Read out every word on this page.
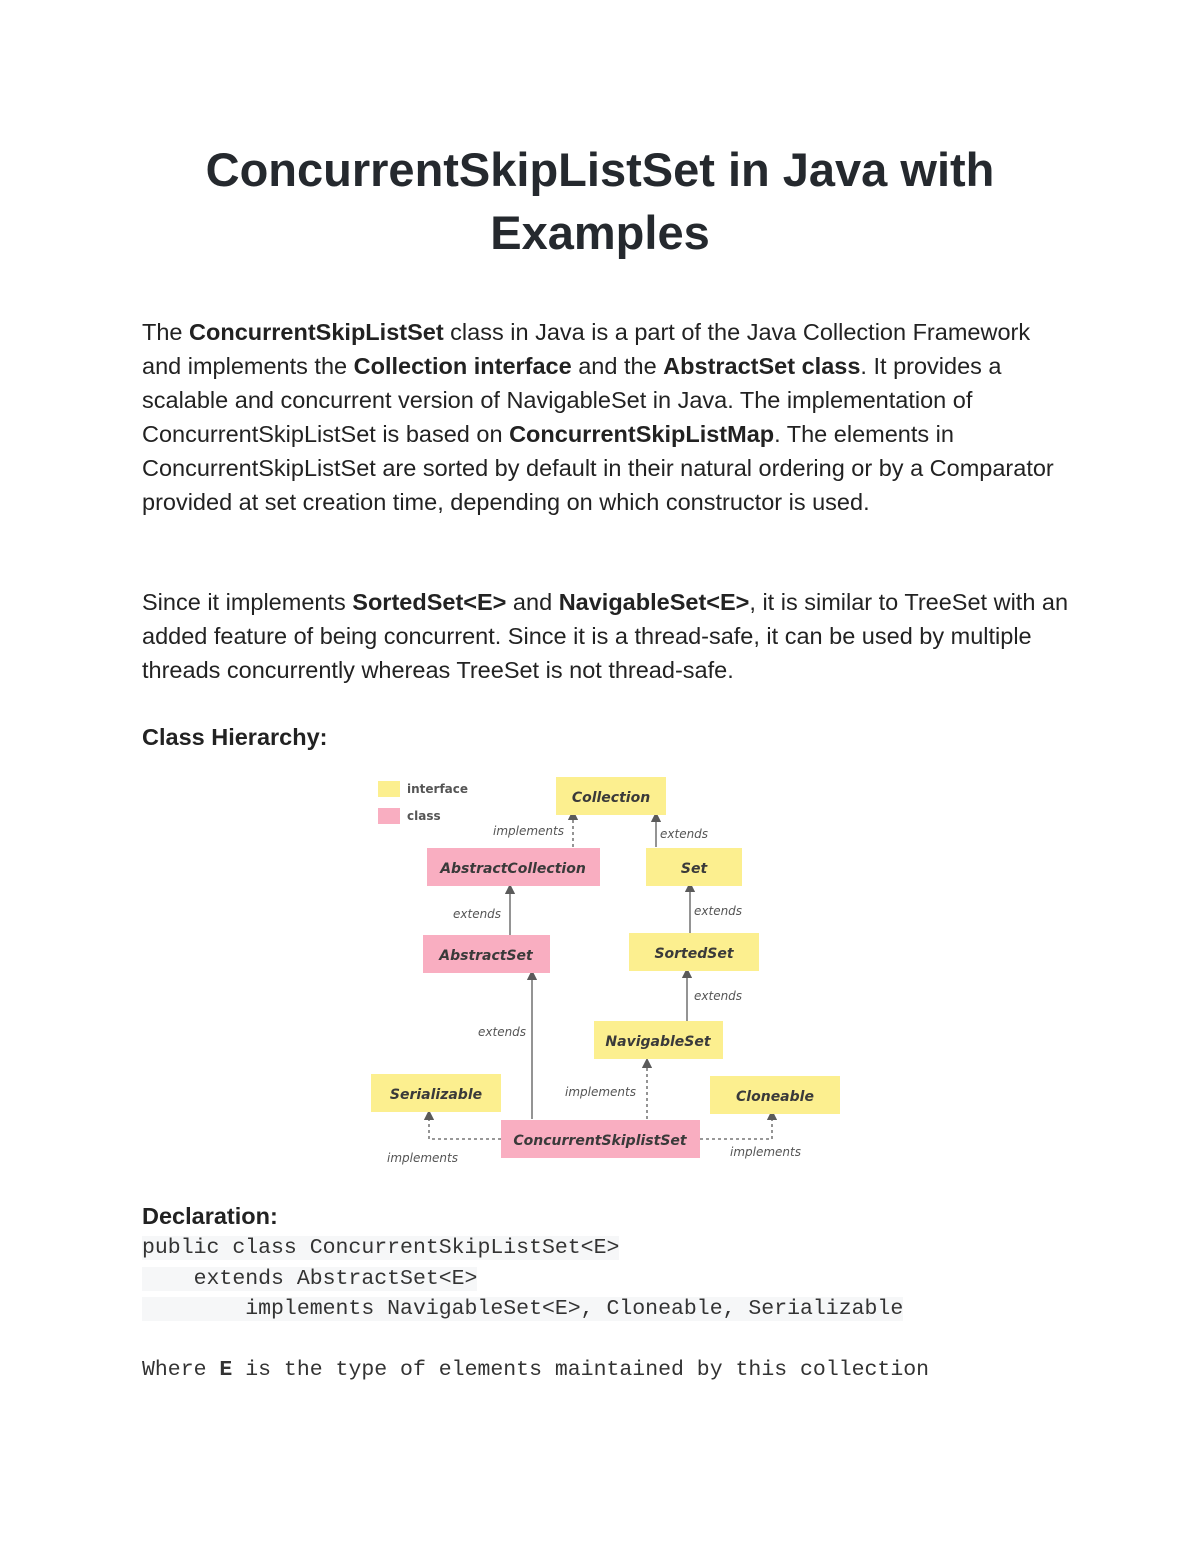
ConcurrentSkipListSet in Java with Examples
The ConcurrentSkipListSet class in Java is a part of the Java Collection Framework and implements the Collection interface and the AbstractSet class. It provides a scalable and concurrent version of NavigableSet in Java. The implementation of ConcurrentSkipListSet is based on ConcurrentSkipListMap. The elements in ConcurrentSkipListSet are sorted by default in their natural ordering or by a Comparator provided at set creation time, depending on which constructor is used.
Since it implements SortedSet<E> and NavigableSet<E>, it is similar to TreeSet with an added feature of being concurrent. Since it is a thread-safe, it can be used by multiple threads concurrently whereas TreeSet is not thread-safe.
Class Hierarchy:
interface
class
implements	extends
extends	extends
extends
extends
implements
implements	implements
Collection
AbstractCollection	Set
AbstractSet	SortedSet
NavigableSet
Serializable	Cloneable
ConcurrentSkiplistSet
Declaration:
public class ConcurrentSkipListSet<E>
extends AbstractSet<E>
implements NavigableSet<E>, Cloneable, Serializable
Where E is the type of elements maintained by this collection
